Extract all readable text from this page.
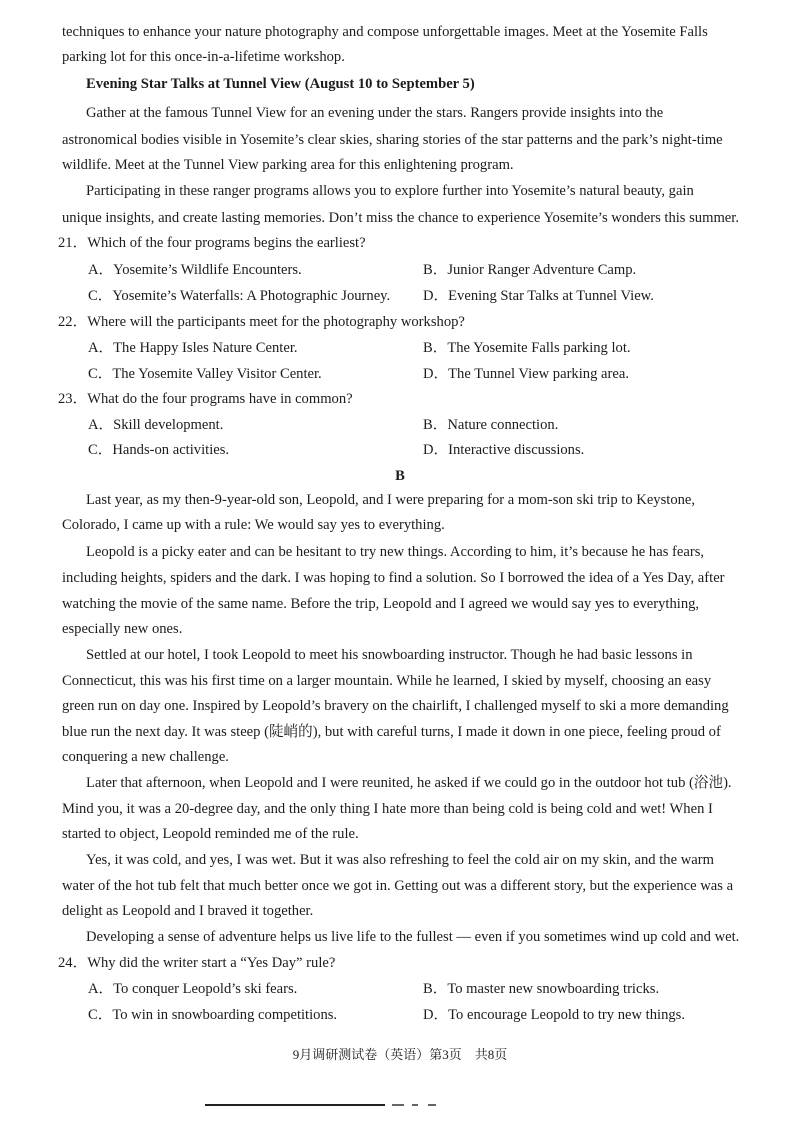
techniques to enhance your nature photography and compose unforgettable images. Meet at the Yosemite Falls
parking lot for this once-in-a-lifetime workshop.
Evening Star Talks at Tunnel View (August 10 to September 5)
Gather at the famous Tunnel View for an evening under the stars. Rangers provide insights into the
astronomical bodies visible in Yosemite’s clear skies, sharing stories of the star patterns and the park’s night-time
wildlife. Meet at the Tunnel View parking area for this enlightening program.
Participating in these ranger programs allows you to explore further into Yosemite’s natural beauty, gain
unique insights, and create lasting memories. Don’t miss the chance to experience Yosemite’s wonders this summer.
21．Which of the four programs begins the earliest?
A．Yosemite’s Wildlife Encounters.	B．Junior Ranger Adventure Camp.
C．Yosemite’s Waterfalls: A Photographic Journey. D．Evening Star Talks at Tunnel View.
22．Where will the participants meet for the photography workshop?
A．The Happy Isles Nature Center.	B．The Yosemite Falls parking lot.
C．The Yosemite Valley Visitor Center.	D．The Tunnel View parking area.
23．What do the four programs have in common?
A．Skill development.	B．Nature connection.
C．Hands-on activities.	D．Interactive discussions.
B
Last year, as my then-9-year-old son, Leopold, and I were preparing for a mom-son ski trip to Keystone,
Colorado, I came up with a rule: We would say yes to everything.
Leopold is a picky eater and can be hesitant to try new things. According to him, it’s because he has fears,
including heights, spiders and the dark. I was hoping to find a solution. So I borrowed the idea of a Yes Day, after
watching the movie of the same name. Before the trip, Leopold and I agreed we would say yes to everything,
especially new ones.
Settled at our hotel, I took Leopold to meet his snowboarding instructor. Though he had basic lessons in
Connecticut, this was his first time on a larger mountain. While he learned, I skied by myself, choosing an easy
green run on day one. Inspired by Leopold’s bravery on the chairlift, I challenged myself to ski a more demanding
blue run the next day. It was steep (陡峭的), but with careful turns, I made it down in one piece, feeling proud of
conquering a new challenge.
Later that afternoon, when Leopold and I were reunited, he asked if we could go in the outdoor hot tub (浴池).
Mind you, it was a 20-degree day, and the only thing I hate more than being cold is being cold and wet! When I
started to object, Leopold reminded me of the rule.
Yes, it was cold, and yes, I was wet. But it was also refreshing to feel the cold air on my skin, and the warm
water of the hot tub felt that much better once we got in. Getting out was a different story, but the experience was a
delight as Leopold and I braved it together.
Developing a sense of adventure helps us live life to the fullest — even if you sometimes wind up cold and wet.
24．Why did the writer start a “Yes Day” rule?
A．To conquer Leopold’s ski fears.	B．To master new snowboarding tricks.
C．To win in snowboarding competitions.	D．To encourage Leopold to try new things.
9月调研测试卷（英语）第3页　共8页
